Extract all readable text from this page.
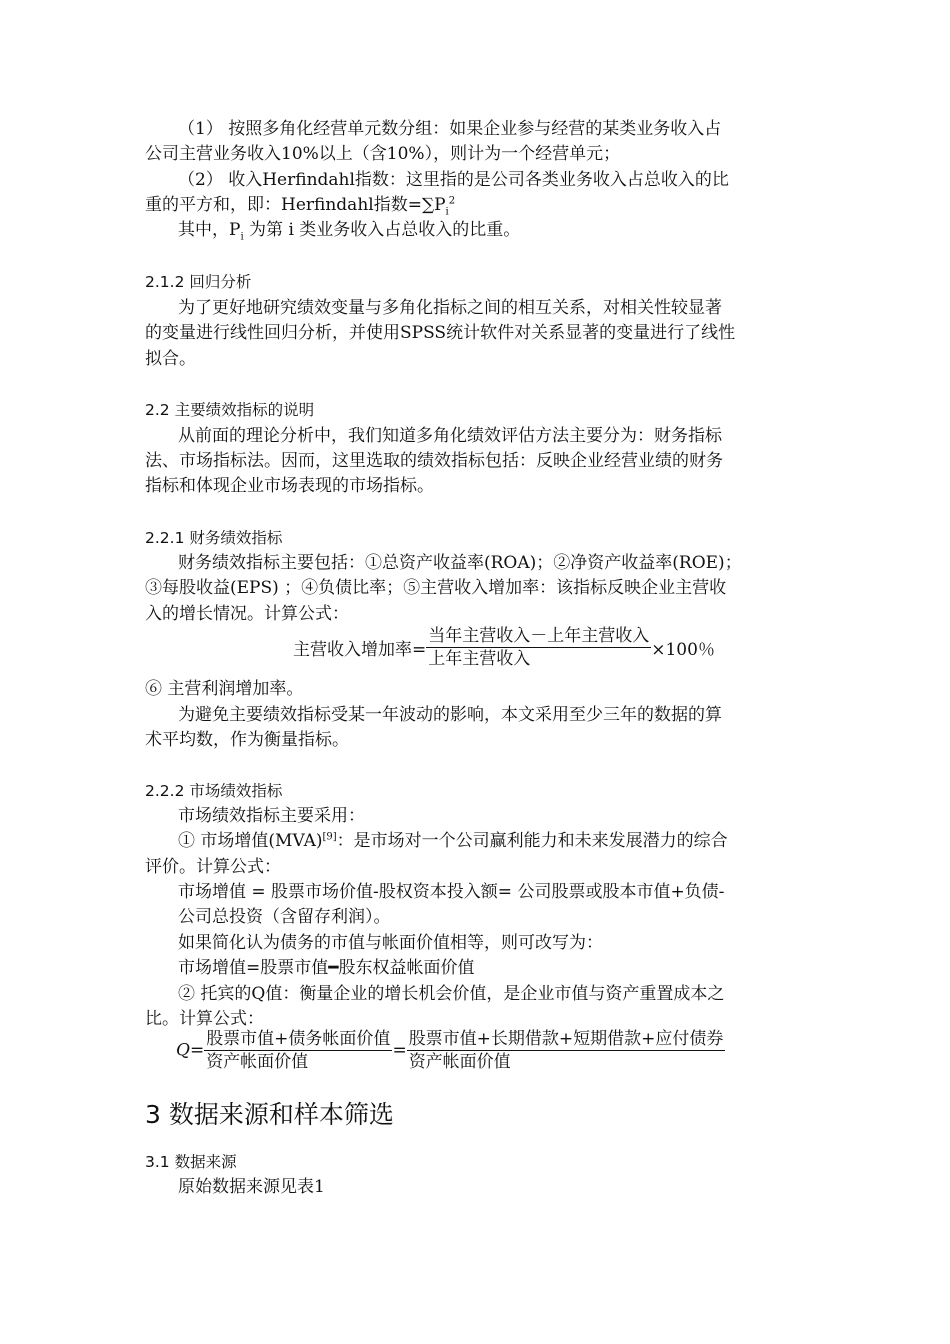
（1） 按照多角化经营单元数分组：如果企业参与经营的某类业务收入占
公司主营业务收入10%以上（含10%），则计为一个经营单元；
（2） 收入Herfindahl指数：这里指的是公司各类业务收入占总收入的比
重的平方和，即：Herfindahl指数$=\sum P_i^2$
其中，$P_i$ 为第 i 类业务收入占总收入的比重。
2.1.2 回归分析
为了更好地研究绩效变量与多角化指标之间的相互关系，对相关性较显著
的变量进行线性回归分析，并使用SPSS统计软件对关系显著的变量进行了线性
拟合。
2.2 主要绩效指标的说明
从前面的理论分析中，我们知道多角化绩效评估方法主要分为：财务指标
法、市场指标法。因而，这里选取的绩效指标包括：反映企业经营业绩的财务
指标和体现企业市场表现的市场指标。
2.2.1 财务绩效指标
财务绩效指标主要包括：①总资产收益率(ROA)；②净资产收益率(ROE)；
③每股收益(EPS) ；④负债比率；⑤主营收入增加率：该指标反映企业主营收
入的增长情况。计算公式：
主营收入增加率= $\frac{\text{当年主营收入－上年主营收入}}{\text{上年主营收入}} \times 100$％
⑥ 主营利润增加率。
为避免主要绩效指标受某一年波动的影响，本文采用至少三年的数据的算
术平均数，作为衡量指标。
2.2.2 市场绩效指标
市场绩效指标主要采用：
① 市场增值(MVA)[9]：是市场对一个公司赢利能力和未来发展潜力的综合
评价。计算公式：
市场增值 = 股票市场价值-股权资本投入额= 公司股票或股本市值+负债-
公司总投资（含留存利润）。
如果简化认为债务的市值与帐面价值相等，则可改写为：
市场增值=股票市值━股东权益帐面价值
② 托宾的Q值：衡量企业的增长机会价值，是企业市值与资产重置成本之
比。计算公式：
$Q= \frac{\text{股票市值+债务帐面价值}}{\text{资产帐面价值}} = \frac{\text{股票市值+长期借款+短期借款+应付债券}}{\text{资产帐面价值}}$
3 数据来源和样本筛选
3.1 数据来源
原始数据来源见表1
